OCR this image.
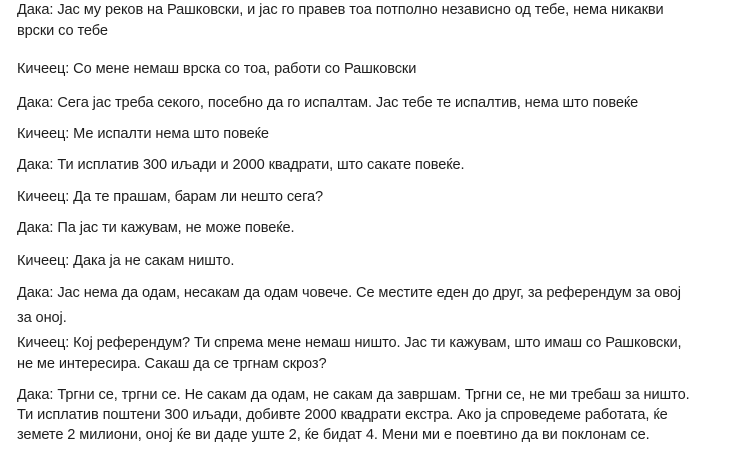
Дака: Јас му реков на Рашковски, и јас го правев тоа потполно независно од тебе, нема никакви
врски со тебе
Кичеец: Со мене немаш врска со тоа, работи со Рашковски
Дака: Сега јас треба секого, посебно да го испалтам. Јас тебе те испалтив, нема што повеќе
Кичеец: Ме испалти нема што повеќе
Дака: Ти исплатив 300 иљади и 2000 квадрати, што сакате повеќе.
Кичеец: Да те прашам, барам ли нешто сега?
Дака: Па јас ти кажувам, не може повеќе.
Кичеец: Дака ја не сакам ништо.
Дака: Јас нема да одам, несакам да одам човече. Се местите еден до друг, за референдум за овој
за оној.
Кичеец: Кој референдум? Ти спрема мене немаш ништо. Јас ти кажувам, што имаш со Рашковски,
не ме интересира. Сакаш да се тргнам скроз?
Дака: Тргни се, тргни се. Не сакам да одам, не сакам да завршам. Тргни се, не ми требаш за ништо.
Ти исплатив поштени 300 иљади, добивте 2000 квадрати екстра. Ако ја спроведеме работата, ќе
земете 2 милиони, оној ќе ви даде уште 2, ќе бидат 4. Мени ми е поевтино да ви поклонам се.
